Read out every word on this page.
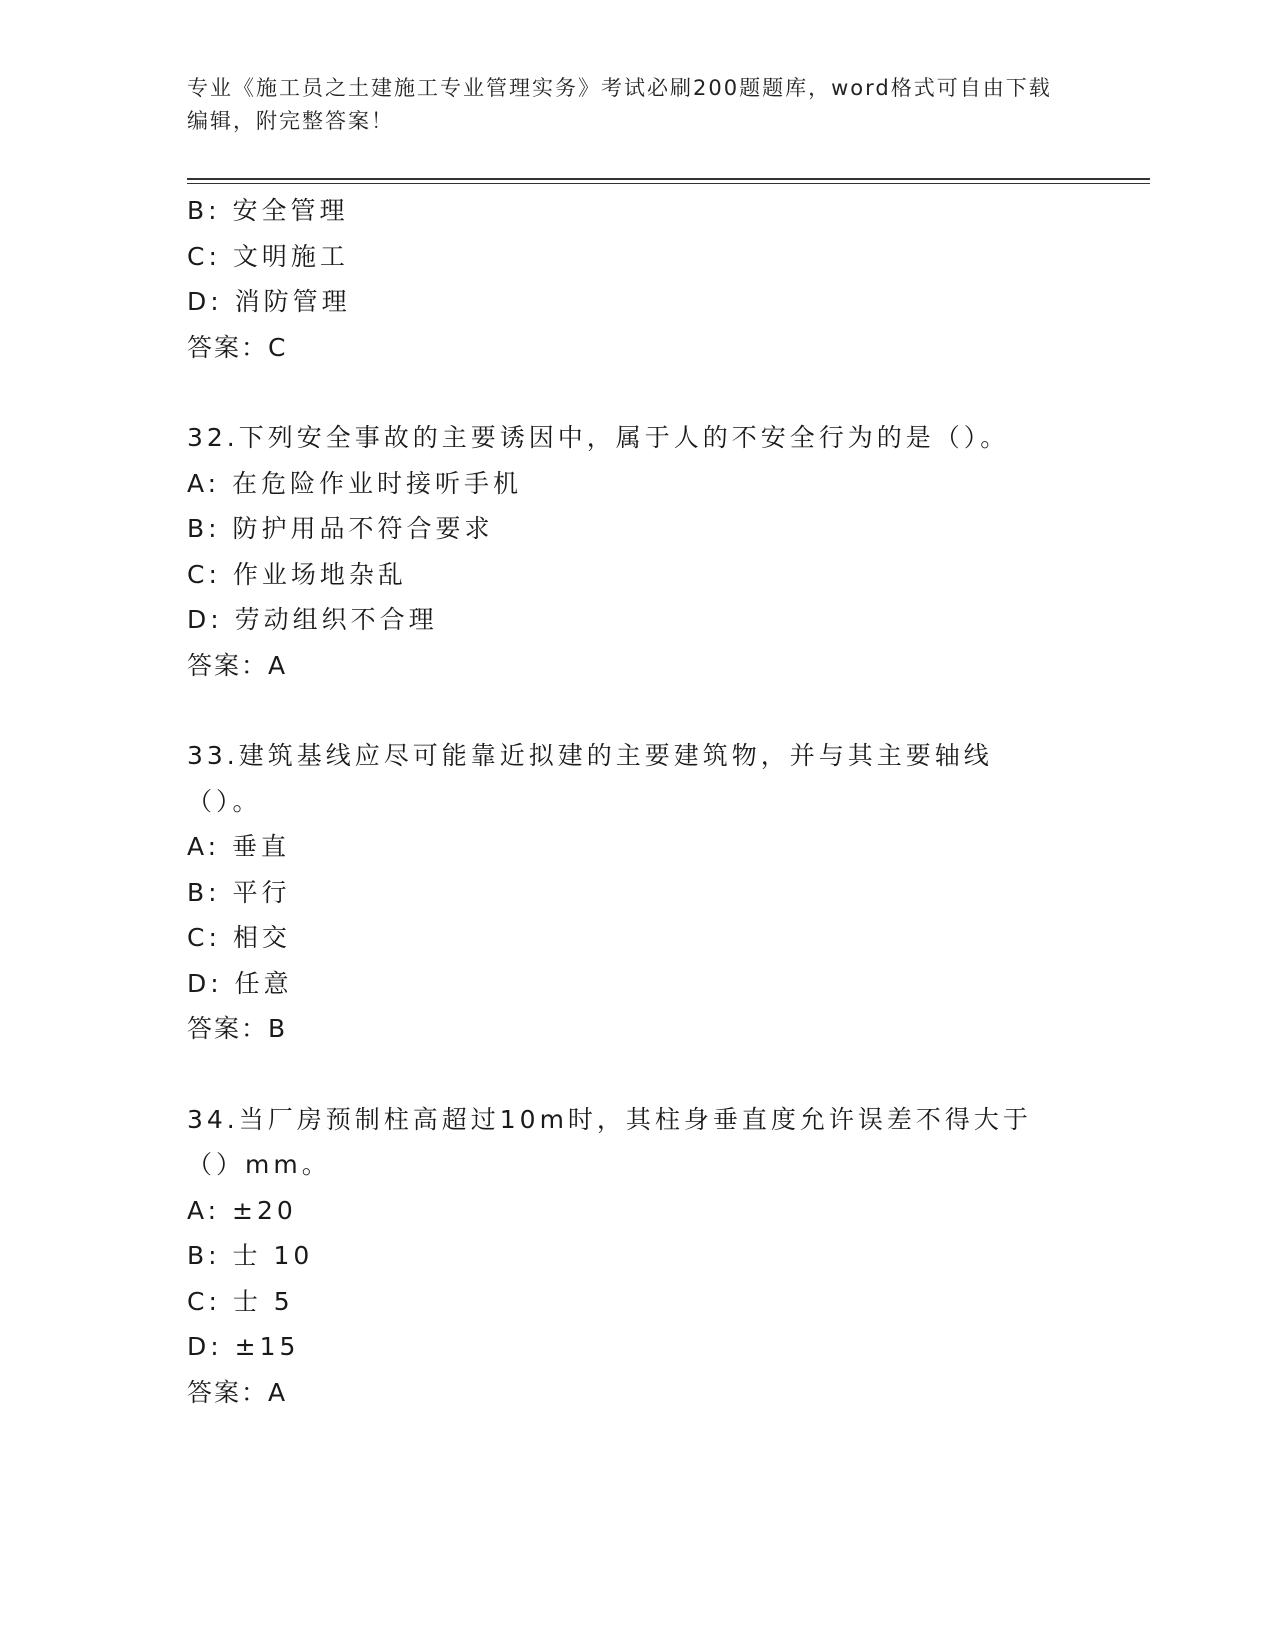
专业《施工员之土建施工专业管理实务》考试必刷200题题库，word格式可自由下载编辑，附完整答案！
B: 安全管理
C: 文明施工
D: 消防管理
答案：C
32.下列安全事故的主要诱因中，属于人的不安全行为的是（）。
A: 在危险作业时接听手机
B: 防护用品不符合要求
C: 作业场地杂乱
D: 劳动组织不合理
答案：A
33.建筑基线应尽可能靠近拟建的主要建筑物，并与其主要轴线（）。
A: 垂直
B: 平行
C: 相交
D: 任意
答案：B
34.当厂房预制柱高超过10m时，其柱身垂直度允许误差不得大于（）mm。
A: ±20
B: 士 10
C: 士 5
D: ±15
答案：A
